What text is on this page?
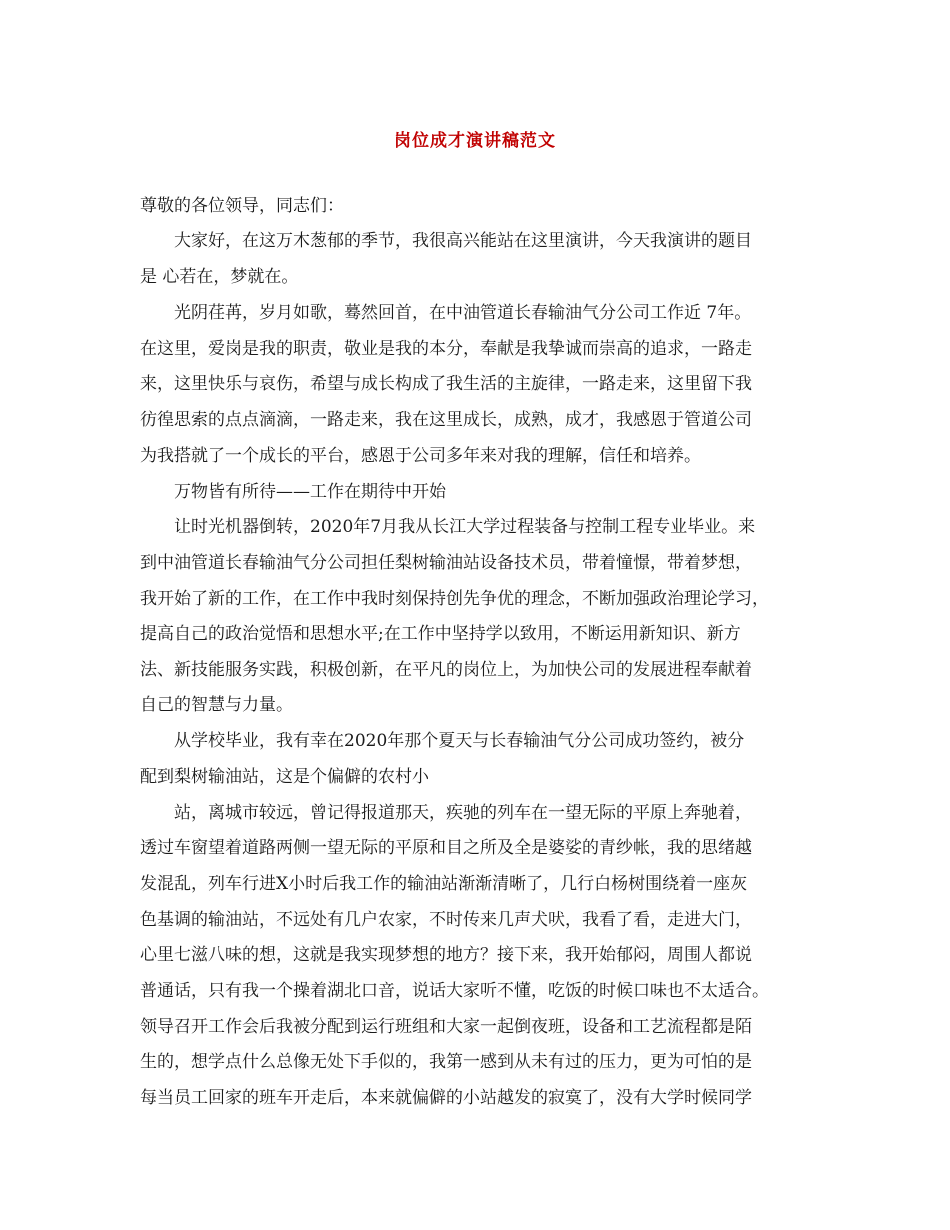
岗位成才演讲稿范文
尊敬的各位领导，同志们：
大家好，在这万木葱郁的季节，我很高兴能站在这里演讲，今天我演讲的题目
是 心若在，梦就在。
光阴荏苒，岁月如歌，蓦然回首，在中油管道长春输油气分公司工作近 7年。
在这里，爱岗是我的职责，敬业是我的本分，奉献是我挚诚而崇高的追求，一路走
来，这里快乐与哀伤，希望与成长构成了我生活的主旋律，一路走来，这里留下我
彷徨思索的点点滴滴，一路走来，我在这里成长，成熟，成才，我感恩于管道公司
为我搭就了一个成长的平台，感恩于公司多年来对我的理解，信任和培养。
万物皆有所待——工作在期待中开始
让时光机器倒转，2020年7月我从长江大学过程装备与控制工程专业毕业。来
到中油管道长春输油气分公司担任梨树输油站设备技术员，带着憧憬，带着梦想，
我开始了新的工作，在工作中我时刻保持创先争优的理念，不断加强政治理论学习，
提高自己的政治觉悟和思想水平;在工作中坚持学以致用，不断运用新知识、新方
法、新技能服务实践，积极创新，在平凡的岗位上，为加快公司的发展进程奉献着
自己的智慧与力量。
从学校毕业，我有幸在2020年那个夏天与长春输油气分公司成功签约，被分
配到梨树输油站，这是个偏僻的农村小
站，离城市较远，曾记得报道那天，疾驰的列车在一望无际的平原上奔驰着，
透过车窗望着道路两侧一望无际的平原和目之所及全是婆娑的青纱帐，我的思绪越
发混乱，列车行进X小时后我工作的输油站渐渐清晰了，几行白杨树围绕着一座灰
色基调的输油站，不远处有几户农家，不时传来几声犬吠，我看了看，走进大门，
心里七滋八味的想，这就是我实现梦想的地方？接下来，我开始郁闷，周围人都说
普通话，只有我一个操着湖北口音，说话大家听不懂，吃饭的时候口味也不太适合。
领导召开工作会后我被分配到运行班组和大家一起倒夜班，设备和工艺流程都是陌
生的，想学点什么总像无处下手似的，我第一感到从未有过的压力，更为可怕的是
每当员工回家的班车开走后，本来就偏僻的小站越发的寂寞了，没有大学时候同学
